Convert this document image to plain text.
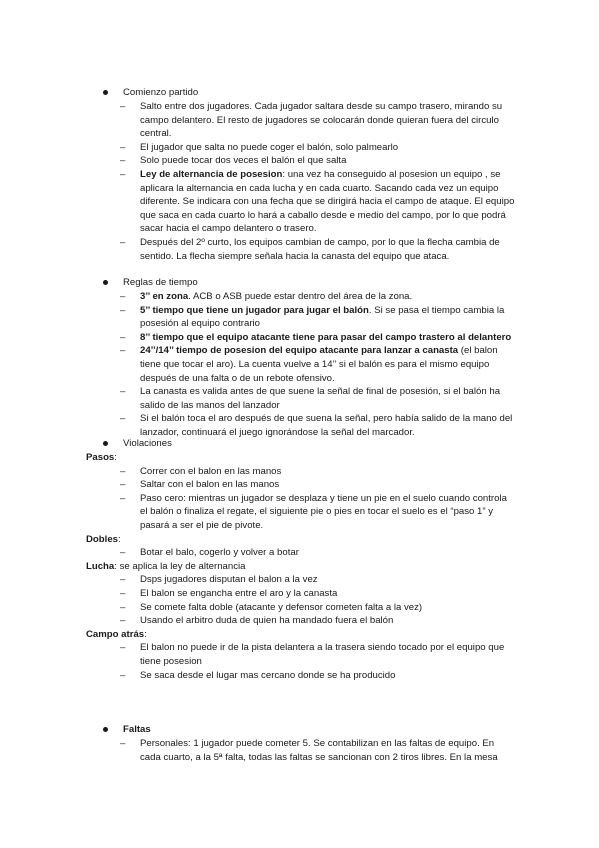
Comienzo partido
– Salto entre dos jugadores. Cada jugador saltara desde su campo trasero, mirando su campo delantero. El resto de jugadores se colocarán donde quieran fuera del circulo central.
– El jugador que salta no puede coger el balón, solo palmearlo
– Solo puede tocar dos veces el balón el que salta
– Ley de alternancia de posesion: una vez ha conseguido al posesion un equipo , se aplicara la alternancia en cada lucha y en cada cuarto. Sacando cada vez un equipo diferente. Se indicara con una fecha que se dirigirá hacia el campo de ataque. El equipo que saca en cada cuarto lo hará a caballo desde e medio del campo, por lo que podrá sacar hacia el campo delantero o trasero.
– Después del 2º curto, los equipos cambian de campo, por lo que la flecha cambia de sentido. La flecha siempre señala hacia la canasta del equipo que ataca.
Reglas de tiempo
– 3’’ en zona. ACB o ASB puede estar dentro del área de la zona.
– 5’’ tiempo que tiene un jugador para jugar el balón. Si se pasa el tiempo cambia la posesión al equipo contrario
– 8’’ tiempo que el equipo atacante tiene para pasar del campo trastero al delantero
– 24’’/14’’ tiempo de posesion del equipo atacante para lanzar a canasta (el balon tiene que tocar el aro). La cuenta vuelve a 14’’ si el balón es para el mismo equipo después de una falta o de un rebote ofensivo.
– La canasta es valida antes de que suene la señal de final de posesión, si el balón ha salido de las manos del lanzador
– Si el balón toca el aro después de que suena la señal, pero había salido de la mano del lanzador, continuará el juego ignorándose la señal del marcador.
Violaciones
Pasos:
– Correr con el balon en las manos
– Saltar con el balon en las manos
– Paso cero: mientras un jugador se desplaza y tiene un pie en el suelo cuando controla el balón o finaliza el regate, el siguiente pie o pies en tocar el suelo es el “paso 1” y pasará a ser el pie de pivote.
Dobles:
– Botar el balo, cogerlo y volver a botar
Lucha: se aplica la ley de alternancia
– Dsps jugadores disputan el balon a la vez
– El balon se engancha entre el aro y la canasta
– Se comete falta doble (atacante y defensor cometen falta a la vez)
– Usando el arbitro duda de quien ha mandado fuera el balón
Campo atrás:
– El balon no puede ir de la pista delantera a la trasera siendo tocado por el equipo que tiene posesion
– Se saca desde el lugar mas cercano donde se ha producido
Faltas
– Personales: 1 jugador puede cometer 5. Se contabilizan en las faltas de equipo. En cada cuarto, a la 5ª falta, todas las faltas se sancionan con 2 tiros libres. En la mesa
